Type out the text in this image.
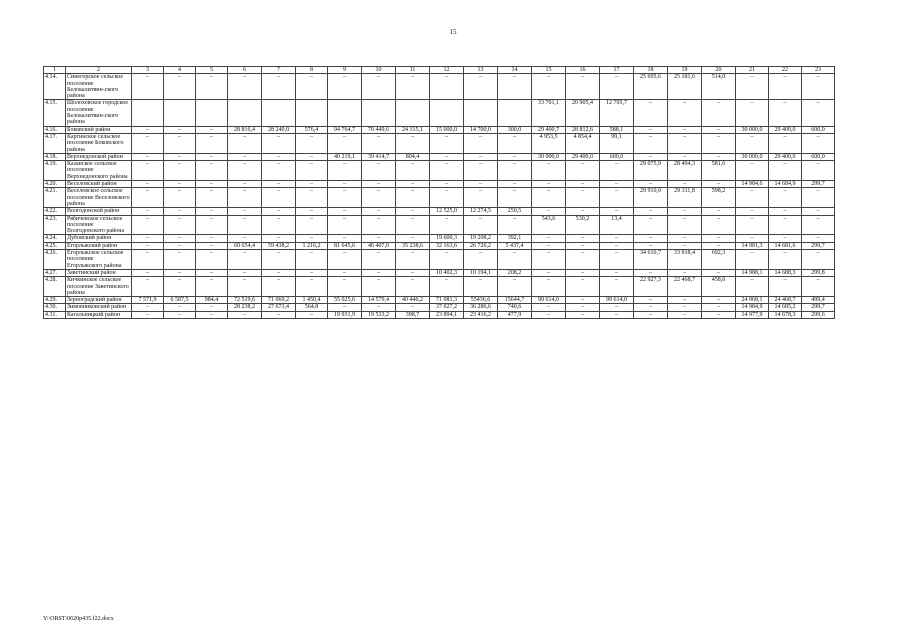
15
1	2	3	4	5	6	7	8	9	10	11	12	13	14	15	16	17	18	19	20	21	22	23
4.14.	Синегорское сельское поселение Белокалитвин-ского района	–	–	–	–	–	–	–	–	–	–	–	–	–	–	–	25 695,6	25 181,6	514,0	–	–	–
4.15.	Шолоховское городское поселение Белокалитвин-ского района													33 701,1	20 905,4	12 795,7	–	–	–	–	–	–
4.16.	Боковский район	–	–	–	28 816,4	28 240,0	576,4	94 764,7	70 449,6	24 315,1	15 000,0	14 700,0	300,0	29 400,7	28 812,6	588,1	–	–	–	30 000,0	29 400,0	600,0
4.17.	Каргинское сельское поселение Боковского района	–	–	–	–	–	–	–	–	–	–	–	–	4 953,5	4 854,4	99,1	–	–	–	–	–	–
4.18.	Верхнедонской район	–	–	–	–	–	–	40 219,1	39 414,7	804,4	–	–	–	30 000,0	29 400,0	600,0	–	–	–	30 000,0	29 400,0	600,0
4.19.	Казанское сельское поселение Верхнедонского района	–	–	–	–	–	–	–	–	–	–	–	–	–	–	–	29 075,9	28 494,3	581,6	–	–	–
4.20.	Веселовский район	–	–	–	–	–	–	–	–	–	–	–	–	–	–	–	–	–	–	14 984,6	14 684,9	299,7
4.21.	Веселовское сельское поселение Веселовского района	–	–	–	–	–	–	–	–	–	–	–	–	–	–	–	29 910,0	29 311,8	598,2	–	–	–
4.22.	Волгодонской район	–	–	–	–	–	–	–	–	–	12 525,0	12 274,5	250,5	–	–	–	–	–	–	–	–	–
4.23.	Рябичевское сельское поселение Волгодонского района	–	–	–	–	–	–	–	–	–	–	–	–	543,6	530,2	13,4	–	–	–	–	–	–
4.24.	Дубовский район	–	–	–	–	–	–	–	–	–	19 600,3	19 208,2	392,1	–	–	–	–	–	–	–	–	–
4.25.	Егорлыкский район	–	–	–	60 654,4	59 438,2	1 216,2	81 645,6	46 407,0	35 238,6	32 163,6	26 726,2	5 437,4	–	–	–	–	–	–	14 981,3	14 681,6	299,7
4.26.	Егорлыкское сельское поселение Егорлыкского района	–	–	–	–	–	–	–	–	–	–	–	–	–	–	–	34 610,7	33 918,4	692,3	–	–	–
4.27.	Заветинский район	–	–	–	–	–	–	–	–	–	10 402,3	10 194,1	208,2	–	–	–	–	–	–	14 988,1	14 688,3	299,8
4.28.	Кичкинское сельское поселение Заветинского района	–	–	–	–	–	–	–	–	–	–	–	–	–	–	–	22 927,3	22 468,7	458,6	–	–	–
4.29.	Зерноградский район	7 571,9	6 587,5	984,4	72 519,6	71 069,2	1 450,4	55 025,6	14 579,4	40 446,2	71 081,3	55436,6	15644,7	99 614,0	–	99 614,0	–	–	–	24 968,1	24 468,7	499,4
4.30.	Зимовниковский район	–	–	–	28 238,2	27 673,4	564,8	–	–	–	37 027,2	36 286,6	740,6	–	–	–	–	–	–	14 984,9	14 685,2	299,7
4.31.	Кагальницкий район	–	–	–	–	–	–	19 931,9	19 533,2	398,7	23 894,1	23 416,2	477,9	–	–	–	–	–	–	14 977,9	14 678,3	299,6
Y:\ORST\0620p435.f22.docx
